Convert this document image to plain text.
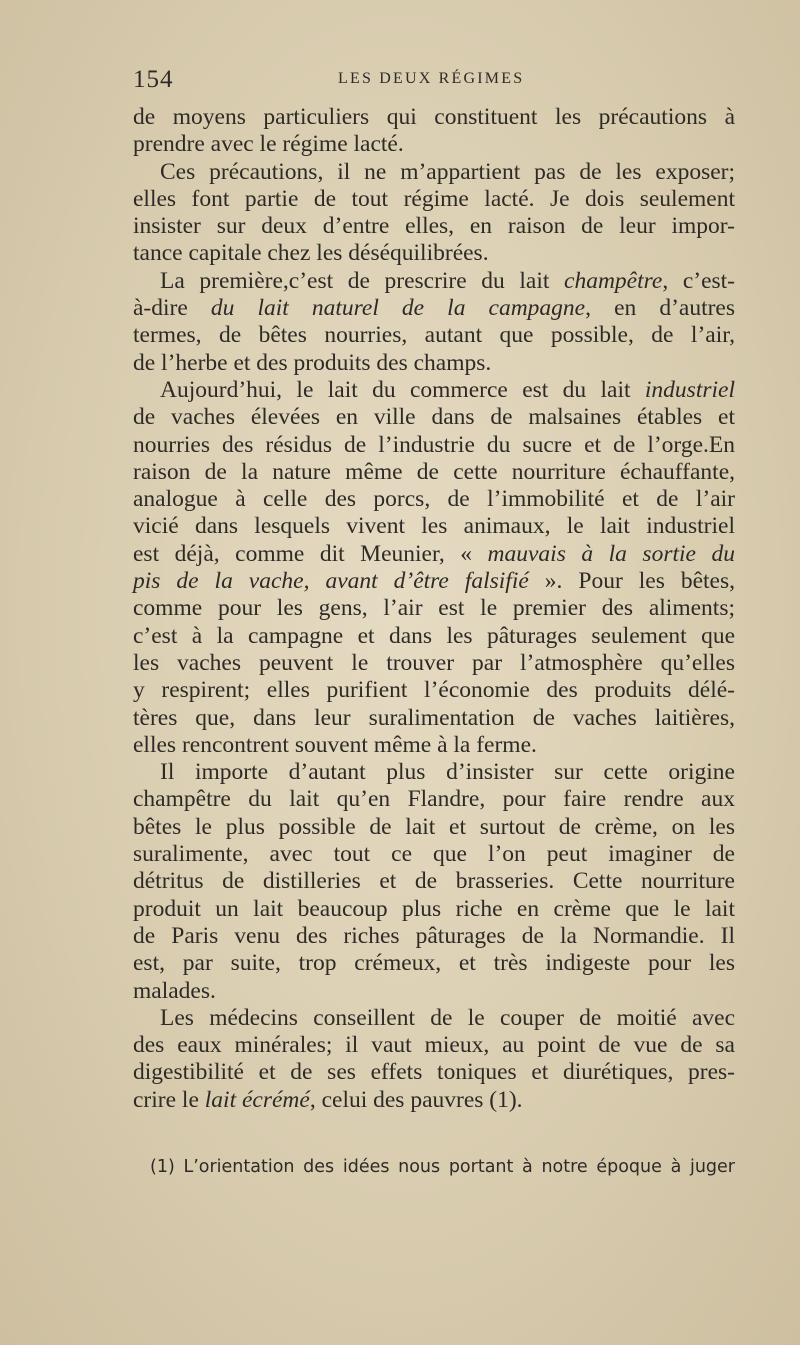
154	LES DEUX RÉGIMES
de moyens particuliers qui constituent les précautions à
prendre avec le régime lacté.
Ces précautions, il ne m’appartient pas de les exposer;
elles font partie de tout régime lacté. Je dois seulement
insister sur deux d’entre elles, en raison de leur impor-
tance capitale chez les déséquilibrées.
La première,c’est de prescrire du lait champêtre, c’est-
à-dire du lait naturel de la campagne, en d’autres
termes, de bêtes nourries, autant que possible, de l’air,
de l’herbe et des produits des champs.
Aujourd’hui, le lait du commerce est du lait industriel
de vaches élevées en ville dans de malsaines étables et
nourries des résidus de l’industrie du sucre et de l’orge.En
raison de la nature même de cette nourriture échauffante,
analogue à celle des porcs, de l’immobilité et de l’air
vicié dans lesquels vivent les animaux, le lait industriel
est déjà, comme dit Meunier, « mauvais à la sortie du
pis de la vache, avant d’être falsifié ». Pour les bêtes,
comme pour les gens, l’air est le premier des aliments;
c’est à la campagne et dans les pâturages seulement que
les vaches peuvent le trouver par l’atmosphère qu’elles
y respirent; elles purifient l’économie des produits délé-
tères que, dans leur suralimentation de vaches laitières,
elles rencontrent souvent même à la ferme.
Il importe d’autant plus d’insister sur cette origine
champêtre du lait qu’en Flandre, pour faire rendre aux
bêtes le plus possible de lait et surtout de crème, on les
suralimente, avec tout ce que l’on peut imaginer de
détritus de distilleries et de brasseries. Cette nourriture
produit un lait beaucoup plus riche en crème que le lait
de Paris venu des riches pâturages de la Normandie. Il
est, par suite, trop crémeux, et très indigeste pour les
malades.
Les médecins conseillent de le couper de moitié avec
des eaux minérales; il vaut mieux, au point de vue de sa
digestibilité et de ses effets toniques et diurétiques, pres-
crire le lait écrémé, celui des pauvres (1).
(1) L’orientation des idées nous portant à notre époque à juger
